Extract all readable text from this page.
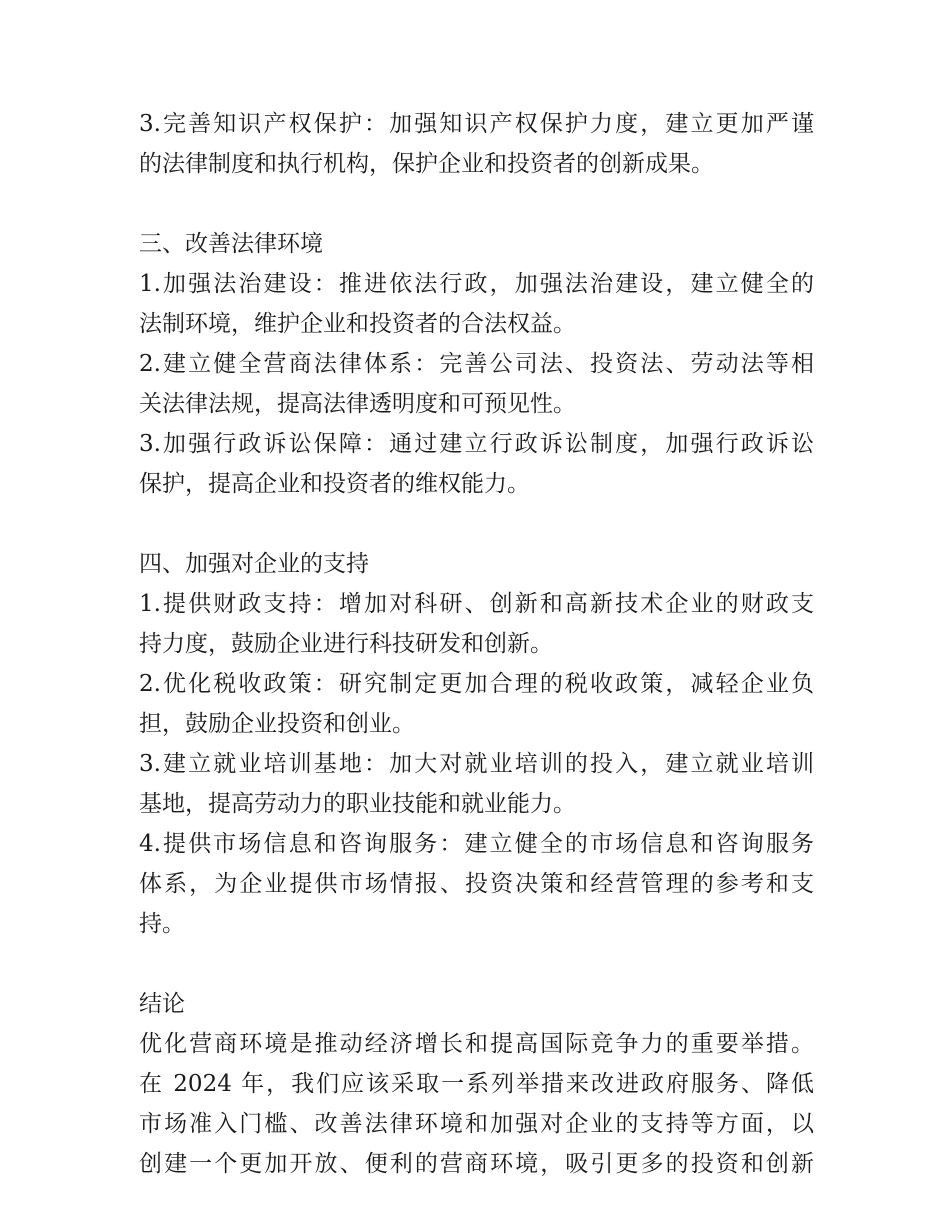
3.完善知识产权保护：加强知识产权保护力度，建立更加严谨
的法律制度和执行机构，保护企业和投资者的创新成果。
三、改善法律环境
1.加强法治建设：推进依法行政，加强法治建设，建立健全的
法制环境，维护企业和投资者的合法权益。
2.建立健全营商法律体系：完善公司法、投资法、劳动法等相
关法律法规，提高法律透明度和可预见性。
3.加强行政诉讼保障：通过建立行政诉讼制度，加强行政诉讼
保护，提高企业和投资者的维权能力。
四、加强对企业的支持
1.提供财政支持：增加对科研、创新和高新技术企业的财政支
持力度，鼓励企业进行科技研发和创新。
2.优化税收政策：研究制定更加合理的税收政策，减轻企业负
担，鼓励企业投资和创业。
3.建立就业培训基地：加大对就业培训的投入，建立就业培训
基地，提高劳动力的职业技能和就业能力。
4.提供市场信息和咨询服务：建立健全的市场信息和咨询服务
体系，为企业提供市场情报、投资决策和经营管理的参考和支
持。
结论
优化营商环境是推动经济增长和提高国际竞争力的重要举措。
在 2024 年，我们应该采取一系列举措来改进政府服务、降低
市场准入门槛、改善法律环境和加强对企业的支持等方面，以
创建一个更加开放、便利的营商环境，吸引更多的投资和创新
